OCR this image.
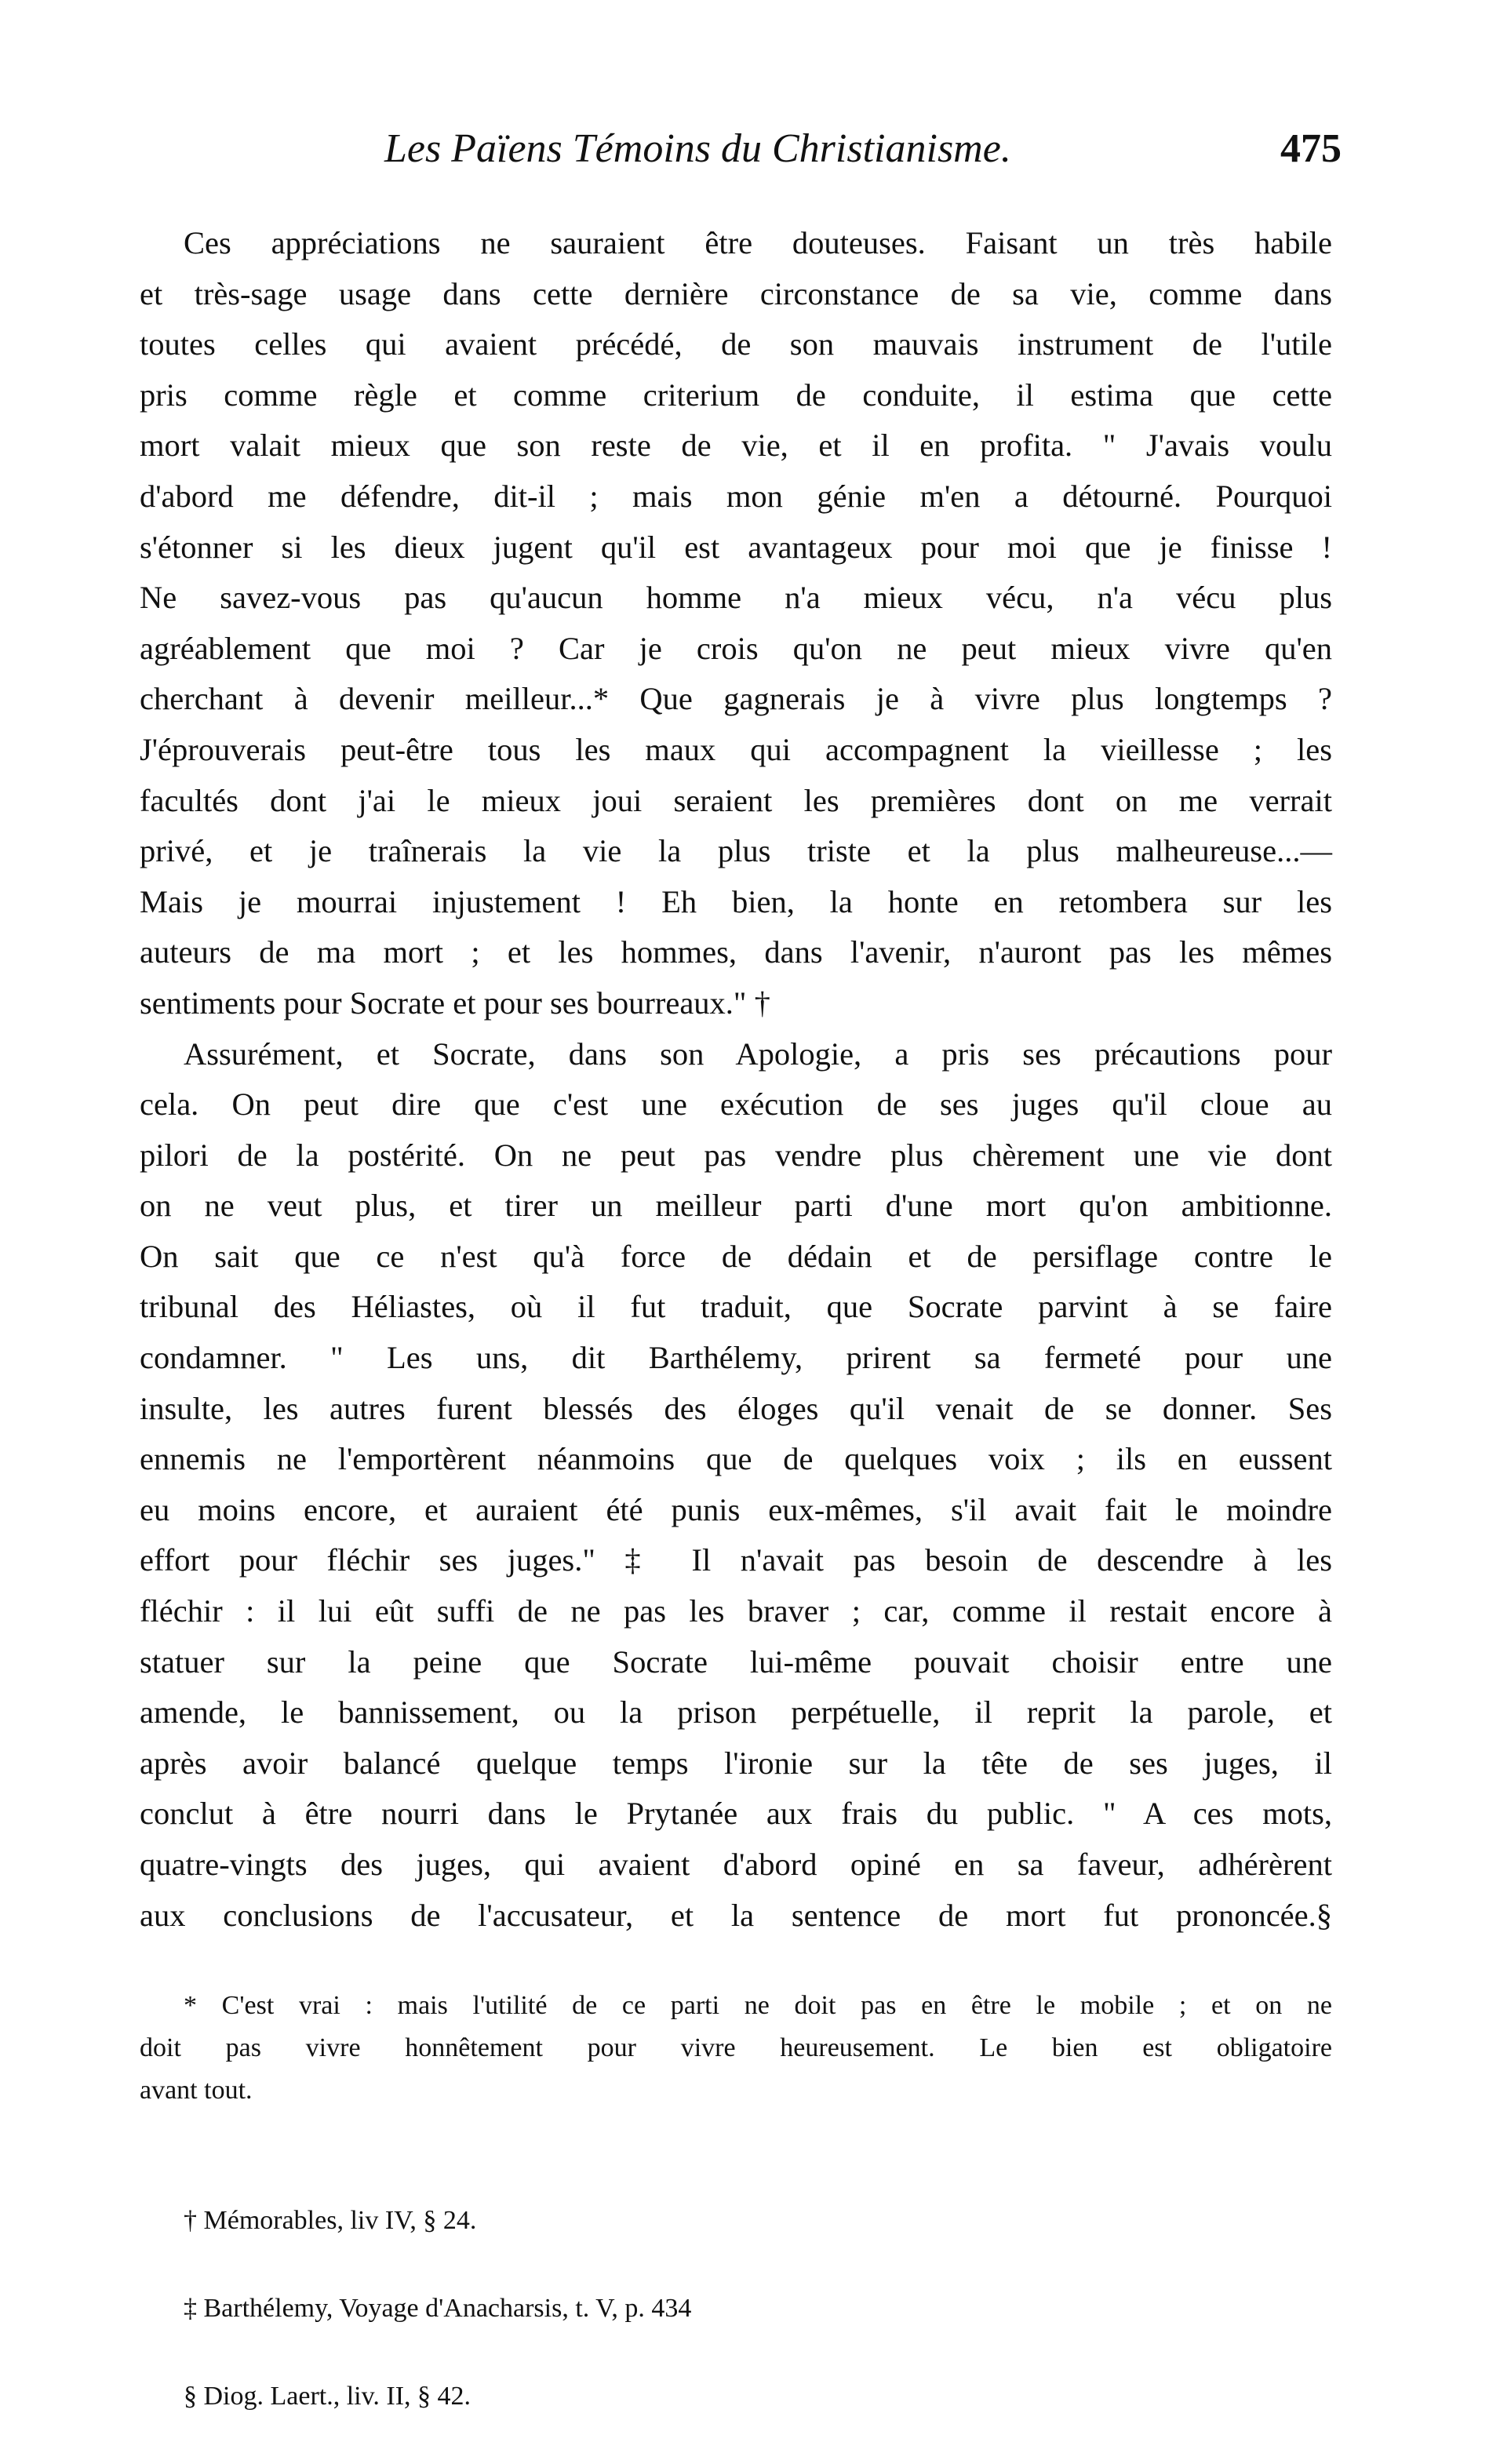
Les Païens Témoins du Christianisme.	475
Ces appréciations ne sauraient être douteuses. Faisant un très habile
et très-sage usage dans cette dernière circonstance de sa vie, comme dans
toutes celles qui avaient précédé, de son mauvais instrument de l'utile
pris comme règle et comme criterium de conduite, il estima que cette
mort valait mieux que son reste de vie, et il en profita. " J'avais voulu
d'abord me défendre, dit-il ; mais mon génie m'en a détourné. Pourquoi
s'étonner si les dieux jugent qu'il est avantageux pour moi que je finisse !
Ne savez-vous pas qu'aucun homme n'a mieux vécu, n'a vécu plus
agréablement que moi ? Car je crois qu'on ne peut mieux vivre qu'en
cherchant à devenir meilleur...* Que gagnerais je à vivre plus longtemps ?
J'éprouverais peut-être tous les maux qui accompagnent la vieillesse ; les
facultés dont j'ai le mieux joui seraient les premières dont on me verrait
privé, et je traînerais la vie la plus triste et la plus malheureuse...—
Mais je mourrai injustement ! Eh bien, la honte en retombera sur les
auteurs de ma mort ; et les hommes, dans l'avenir, n'auront pas les mêmes
sentiments pour Socrate et pour ses bourreaux." †
Assurément, et Socrate, dans son Apologie, a pris ses précautions pour
cela. On peut dire que c'est une exécution de ses juges qu'il cloue au
pilori de la postérité. On ne peut pas vendre plus chèrement une vie dont
on ne veut plus, et tirer un meilleur parti d'une mort qu'on ambitionne.
On sait que ce n'est qu'à force de dédain et de persiflage contre le
tribunal des Héliastes, où il fut traduit, que Socrate parvint à se faire
condamner. " Les uns, dit Barthélemy, prirent sa fermeté pour une
insulte, les autres furent blessés des éloges qu'il venait de se donner. Ses
ennemis ne l'emportèrent néanmoins que de quelques voix ; ils en eussent
eu moins encore, et auraient été punis eux-mêmes, s'il avait fait le moindre
effort pour fléchir ses juges." ‡ Il n'avait pas besoin de descendre à les
fléchir : il lui eût suffi de ne pas les braver ; car, comme il restait encore à
statuer sur la peine que Socrate lui-même pouvait choisir entre une
amende, le bannissement, ou la prison perpétuelle, il reprit la parole, et
après avoir balancé quelque temps l'ironie sur la tête de ses juges, il
conclut à être nourri dans le Prytanée aux frais du public. " A ces mots,
quatre-vingts des juges, qui avaient d'abord opiné en sa faveur, adhérèrent
aux conclusions de l'accusateur, et la sentence de mort fut prononcée.§
* C'est vrai : mais l'utilité de ce parti ne doit pas en être le mobile ; et on ne
doit pas vivre honnêtement pour vivre heureusement. Le bien est obligatoire
avant tout.
† Mémorables, liv IV, § 24.
‡ Barthélemy, Voyage d'Anacharsis, t. V, p. 434
§ Diog. Laert., liv. II, § 42.
